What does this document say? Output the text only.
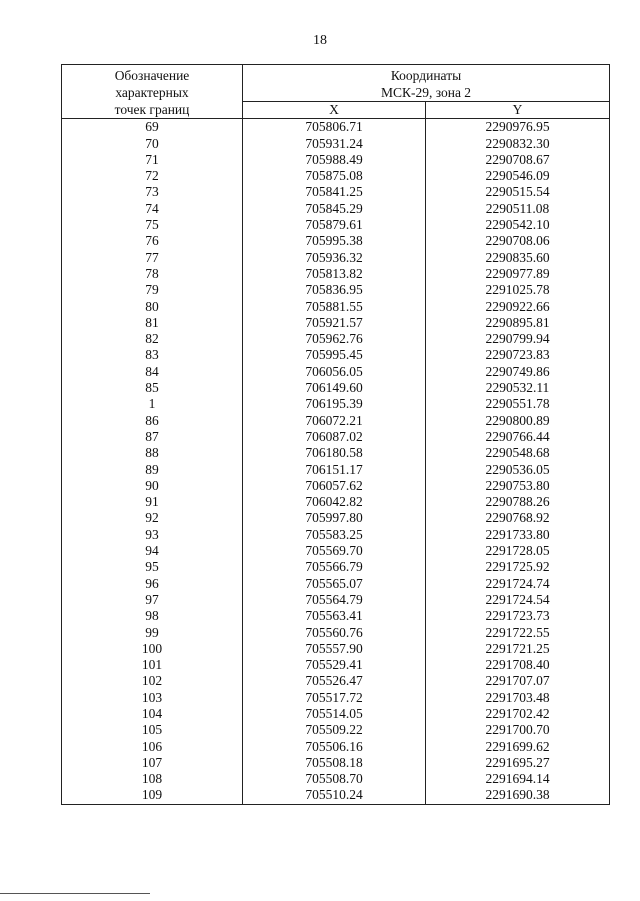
18
Обозначение
характерных
точек границ	Координаты
МСК-29, зона 2	

	X	Y
69	705806.71	2290976.95
70	705931.24	2290832.30
71	705988.49	2290708.67
72	705875.08	2290546.09
73	705841.25	2290515.54
74	705845.29	2290511.08
75	705879.61	2290542.10
76	705995.38	2290708.06
77	705936.32	2290835.60
78	705813.82	2290977.89
79	705836.95	2291025.78
80	705881.55	2290922.66
81	705921.57	2290895.81
82	705962.76	2290799.94
83	705995.45	2290723.83
84	706056.05	2290749.86
85	706149.60	2290532.11
1	706195.39	2290551.78
86	706072.21	2290800.89
87	706087.02	2290766.44
88	706180.58	2290548.68
89	706151.17	2290536.05
90	706057.62	2290753.80
91	706042.82	2290788.26
92	705997.80	2290768.92
93	705583.25	2291733.80
94	705569.70	2291728.05
95	705566.79	2291725.92
96	705565.07	2291724.74
97	705564.79	2291724.54
98	705563.41	2291723.73
99	705560.76	2291722.55
100	705557.90	2291721.25
101	705529.41	2291708.40
102	705526.47	2291707.07
103	705517.72	2291703.48
104	705514.05	2291702.42
105	705509.22	2291700.70
106	705506.16	2291699.62
107	705508.18	2291695.27
108	705508.70	2291694.14
109	705510.24	2291690.38
